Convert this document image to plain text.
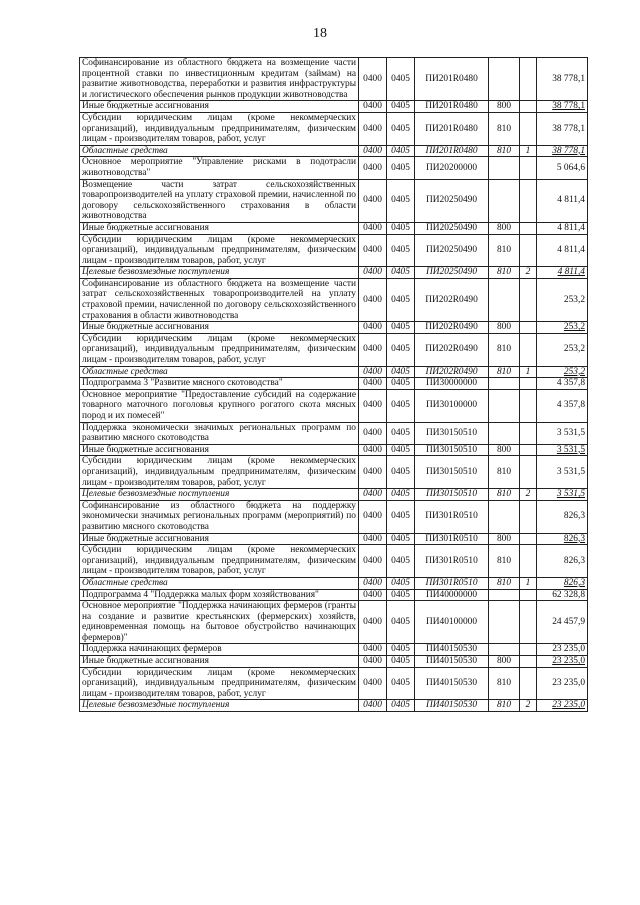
18
Софинансирование из областного бюджета на возмещение части процентной ставки по инвестиционным кредитам (займам) на развитие животноводства, переработки и развития инфраструктуры и логистического обеспечения рынков продукции животноводства	0400	0405	ПИ201R0480			38 778,1
Иные бюджетные ассигнования	0400	0405	ПИ201R0480	800		38 778,1
Субсидии юридическим лицам (кроме некоммерческих организаций), индивидуальным предпринимателям, физическим лицам - производителям товаров, работ, услуг	0400	0405	ПИ201R0480	810		38 778,1
Областные средства	0400	0405	ПИ201R0480	810	1	38 778,1
Основное мероприятие "Управление рисками в подотрасли животноводства"	0400	0405	ПИ20200000			5 064,6
Возмещение части затрат сельскохозяйственных товаропроизводителей на уплату страховой премии, начисленной по договору сельскохозяйственного страхования в области животноводства	0400	0405	ПИ20250490			4 811,4
Иные бюджетные ассигнования	0400	0405	ПИ20250490	800		4 811,4
Субсидии юридическим лицам (кроме некоммерческих организаций), индивидуальным предпринимателям, физическим лицам - производителям товаров, работ, услуг	0400	0405	ПИ20250490	810		4 811,4
Целевые безвозмездные поступления	0400	0405	ПИ20250490	810	2	4 811,4
Софинансирование из областного бюджета на возмещение части затрат сельскохозяйственных товаропроизводителей на уплату страховой премии, начисленной по договору сельскохозяйственного страхования в области животноводства	0400	0405	ПИ202R0490			253,2
Иные бюджетные ассигнования	0400	0405	ПИ202R0490	800		253,2
Субсидии юридическим лицам (кроме некоммерческих организаций), индивидуальным предпринимателям, физическим лицам - производителям товаров, работ, услуг	0400	0405	ПИ202R0490	810		253,2
Областные средства	0400	0405	ПИ202R0490	810	1	253,2
Подпрограмма 3 "Развитие мясного скотоводства"	0400	0405	ПИ30000000			4 357,8
Основное мероприятие "Предоставление субсидий на содержание товарного маточного поголовья крупного рогатого скота мясных пород и их помесей"	0400	0405	ПИ30100000			4 357,8
Поддержка экономически значимых региональных программ по развитию мясного скотоводства	0400	0405	ПИ30150510			3 531,5
Иные бюджетные ассигнования	0400	0405	ПИ30150510	800		3 531,5
Субсидии юридическим лицам (кроме некоммерческих организаций), индивидуальным предпринимателям, физическим лицам - производителям товаров, работ, услуг	0400	0405	ПИ30150510	810		3 531,5
Целевые безвозмездные поступления	0400	0405	ПИ30150510	810	2	3 531,5
Софинансирование из областного бюджета на поддержку экономически значимых региональных программ (мероприятий) по развитию мясного скотоводства	0400	0405	ПИ301R0510			826,3
Иные бюджетные ассигнования	0400	0405	ПИ301R0510	800		826,3
Субсидии юридическим лицам (кроме некоммерческих организаций), индивидуальным предпринимателям, физическим лицам - производителям товаров, работ, услуг	0400	0405	ПИ301R0510	810		826,3
Областные средства	0400	0405	ПИ301R0510	810	1	826,3
Подпрограмма 4 "Поддержка малых форм хозяйствования"	0400	0405	ПИ40000000			62 328,8
Основное мероприятие "Поддержка начинающих фермеров (гранты на создание и развитие крестьянских (фермерских) хозяйств, единовременная помощь на бытовое обустройство начинающих фермеров)"	0400	0405	ПИ40100000			24 457,9
Поддержка начинающих фермеров	0400	0405	ПИ40150530			23 235,0
Иные бюджетные ассигнования	0400	0405	ПИ40150530	800		23 235,0
Субсидии юридическим лицам (кроме некоммерческих организаций), индивидуальным предпринимателям, физическим лицам - производителям товаров, работ, услуг	0400	0405	ПИ40150530	810		23 235,0
Целевые безвозмездные поступления	0400	0405	ПИ40150530	810	2	23 235,0
